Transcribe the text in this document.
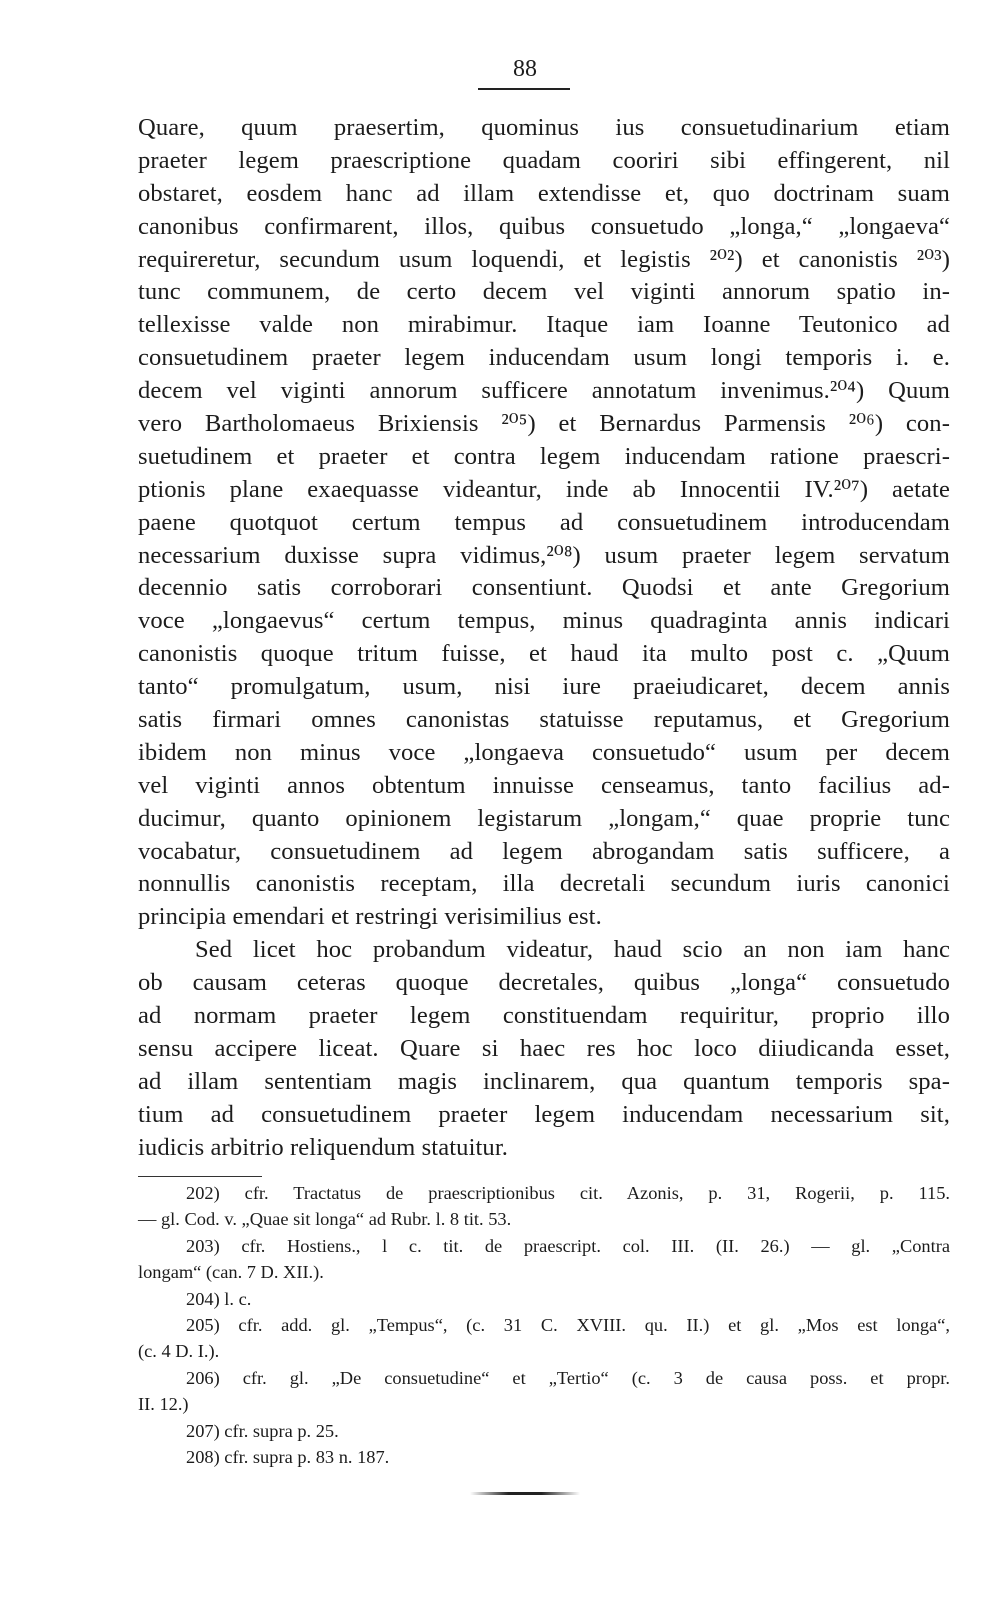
88
Quare, quum praesertim, quominus ius consuetudinarium etiam
praeter legem praescriptione quadam cooriri sibi effingerent, nil
obstaret, eosdem hanc ad illam extendisse et, quo doctrinam suam
canonibus confirmarent, illos, quibus consuetudo „longa,“ „longaeva“
requireretur, secundum usum loquendi, et legistis ²⁰²) et canonistis ²⁰³)
tunc communem, de certo decem vel viginti annorum spatio in-
tellexisse valde non mirabimur. Itaque iam Ioanne Teutonico ad
consuetudinem praeter legem inducendam usum longi temporis i. e.
decem vel viginti annorum sufficere annotatum invenimus.²⁰⁴) Quum
vero Bartholomaeus Brixiensis ²⁰⁵) et Bernardus Parmensis ²⁰⁶) con-
suetudinem et praeter et contra legem inducendam ratione praescri-
ptionis plane exaequasse videantur, inde ab Innocentii IV.²⁰⁷) aetate
paene quotquot certum tempus ad consuetudinem introducendam
necessarium duxisse supra vidimus,²⁰⁸) usum praeter legem servatum
decennio satis corroborari consentiunt. Quodsi et ante Gregorium
voce „longaevus“ certum tempus, minus quadraginta annis indicari
canonistis quoque tritum fuisse, et haud ita multo post c. „Quum
tanto“ promulgatum, usum, nisi iure praeiudicaret, decem annis
satis firmari omnes canonistas statuisse reputamus, et Gregorium
ibidem non minus voce „longaeva consuetudo“ usum per decem
vel viginti annos obtentum innuisse censeamus, tanto facilius ad-
ducimur, quanto opinionem legistarum „longam,“ quae proprie tunc
vocabatur, consuetudinem ad legem abrogandam satis sufficere, a
nonnullis canonistis receptam, illa decretali secundum iuris canonici
principia emendari et restringi verisimilius est.
Sed licet hoc probandum videatur, haud scio an non iam hanc
ob causam ceteras quoque decretales, quibus „longa“ consuetudo
ad normam praeter legem constituendam requiritur, proprio illo
sensu accipere liceat. Quare si haec res hoc loco diiudicanda esset,
ad illam sententiam magis inclinarem, qua quantum temporis spa-
tium ad consuetudinem praeter legem inducendam necessarium sit,
iudicis arbitrio reliquendum statuitur.
202) cfr. Tractatus de praescriptionibus cit. Azonis, p. 31, Rogerii, p. 115.
— gl. Cod. v. „Quae sit longa“ ad Rubr. l. 8 tit. 53.
203) cfr. Hostiens., l c. tit. de praescript. col. III. (II. 26.) — gl. „Contra
longam“ (can. 7 D. XII.).
204) l. c.
205) cfr. add. gl. „Tempus“, (c. 31 C. XVIII. qu. II.) et gl. „Mos est longa“,
(c. 4 D. I.).
206) cfr. gl. „De consuetudine“ et „Tertio“ (c. 3 de causa poss. et propr.
II. 12.)
207) cfr. supra p. 25.
208) cfr. supra p. 83 n. 187.
